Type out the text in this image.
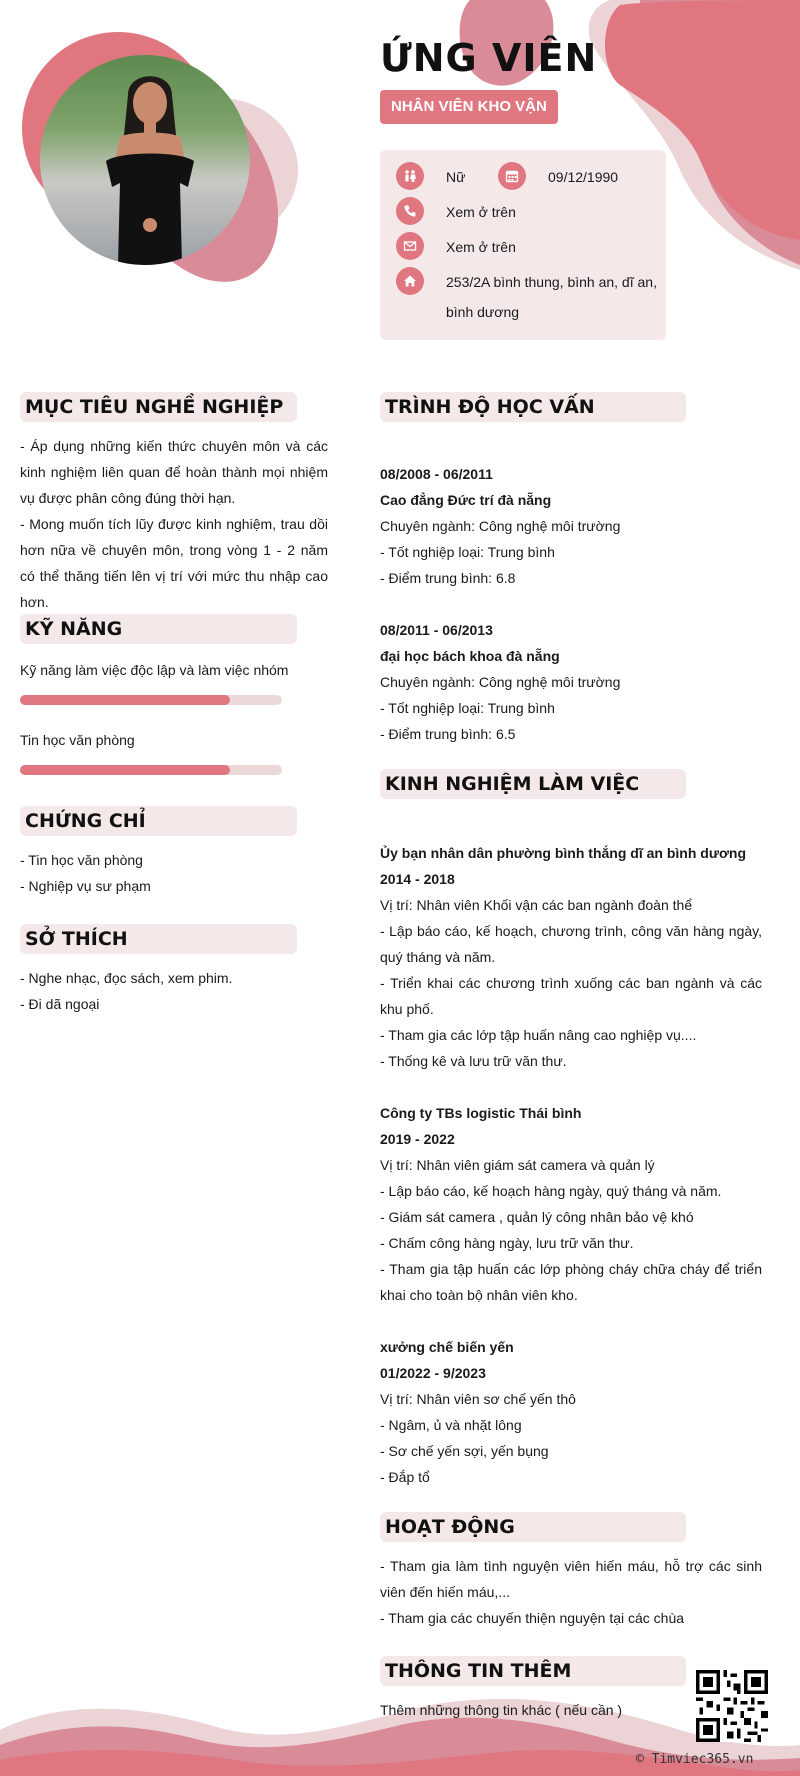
ỨNG VIÊN
NHÂN VIÊN KHO VẬN
Nữ	09/12/1990
Xem ở trên
Xem ở trên
253/2A bình thung, bình an, dĩ an,
bình dương
MỤC TIÊU NGHỀ NGHIỆP

- Áp dụng những kiến thức chuyên môn và các kinh nghiệm liên quan để hoàn thành mọi nhiệm vụ được phân công đúng thời hạn.

- Mong muốn tích lũy được kinh nghiệm, trau dồi hơn nữa về chuyên môn, trong vòng 1 - 2 năm có thể thăng tiến lên vị trí với mức thu nhập cao hơn.

KỸ NĂNG
Kỹ năng làm việc độc lập và làm việc nhóm
Tin học văn phòng
CHỨNG CHỈ

- Tin học văn phòng

- Nghiệp vụ sư phạm

SỞ THÍCH

- Nghe nhạc, đọc sách, xem phim.

- Đi dã ngoại

TRÌNH ĐỘ HỌC VẤN

08/2008 - 06/2011

Cao đẳng Đức trí đà nẵng

Chuyên ngành: Công nghệ môi trường

- Tốt nghiệp loại: Trung bình

- Điểm trung bình: 6.8

08/2011 - 06/2013

đại học bách khoa đà nẵng

Chuyên ngành: Công nghệ môi trường

- Tốt nghiệp loại: Trung bình

- Điểm trung bình: 6.5

KINH NGHIỆM LÀM VIỆC

Ủy bạn nhân dân phường bình thắng dĩ an bình dương

2014 - 2018

Vị trí: Nhân viên Khối vận các ban ngành đoàn thể

- Lập báo cáo, kế hoạch, chương trình, công văn hàng ngày, quý tháng và năm.

- Triển khai các chương trình xuống các ban ngành và các khu phố.

- Tham gia các lớp tập huấn nâng cao nghiệp vụ....

- Thống kê và lưu trữ văn thư.

Công ty TBs logistic Thái bình

2019 - 2022

Vị trí: Nhân viên giám sát camera và quản lý

- Lập báo cáo, kế hoạch hàng ngày, quý tháng và năm.

- Giám sát camera , quản lý công nhân bảo vệ khó

- Chấm công hàng ngày, lưu trữ văn thư.

- Tham gia tập huấn các lớp phòng cháy chữa cháy để triển khai cho toàn bộ nhân viên kho.

xưởng chế biến yến

01/2022 - 9/2023

Vị trí: Nhân viên sơ chế yến thô

- Ngâm, ủ và nhặt lông

- Sơ chế yến sợi, yến bụng

- Đắp tổ

HOẠT ĐỘNG

- Tham gia làm tình nguyện viên hiến máu, hỗ trợ các sinh viên đến hiến máu,...

- Tham gia các chuyến thiện nguyện tại các chùa

THÔNG TIN THÊM
Thêm những thông tin khác ( nếu cần )
© Timviec365.vn
